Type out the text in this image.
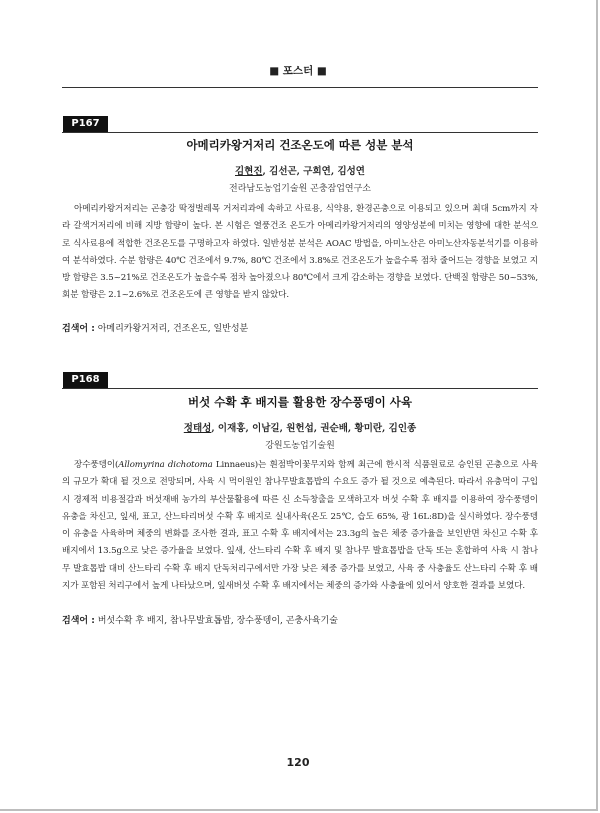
■ 포스터 ■
P167
아메리카왕거저리 건조온도에 따른 성분 분석
김현진, 김선곤, 구희연, 김성연
전라남도농업기술원 곤충잠업연구소

아메리카왕거저리는 곤충강 딱정벌레목 거저리과에 속하고 사료용, 식약용, 환경곤충으로 이용되고 있으며 최대 5cm까지 자라 갈색거저리에 비해 지방 함량이 높다. 본 시험은 열풍건조 온도가 아메리카왕거저리의 영양성분에 미치는 영향에 대한 분석으로 식사료용에 적합한 건조온도를 구명하고자 하였다. 일반성분 분석은 AOAC 방법을, 아미노산은 아미노산자동분석기를 이용하여 분석하였다. 수분 함량은 40℃ 건조에서 9.7%, 80℃ 건조에서 3.8%로 건조온도가 높을수록 점차 줄어드는 경향을 보였고 지방 함량은 3.5~21%로 건조온도가 높을수록 점차 높아졌으나 80℃에서 크게 감소하는 경향을 보였다. 단백질 함량은 50~53%, 회분 함량은 2.1~2.6%로 건조온도에 큰 영향을 받지 않았다.

검색어 : 아메리카왕거저리, 건조온도, 일반성분
P168
버섯 수확 후 배지를 활용한 장수풍뎅이 사육
정태성, 이재홍, 이남길, 원헌섭, 권순배, 황미란, 김인종
강원도농업기술원

장수풍뎅이(Allomyrina dichotoma Linnaeus)는 흰점박이꽃무지와 함께 최근에 한시적 식품원료로 승인된 곤충으로 사육의 규모가 확대 될 것으로 전망되며, 사육 시 먹이원인 참나무발효톱밥의 수요도 증가 될 것으로 예측된다. 따라서 유충먹이 구입 시 경제적 비용절감과 버섯재배 농가의 부산물활용에 따른 신 소득창출을 모색하고자 버섯 수확 후 배지를 이용하여 장수풍뎅이 유충을 차신고, 잎새, 표고, 산느타리버섯 수확 후 배지로 실내사육(온도 25℃, 습도 65%, 광 16L:8D)을 실시하였다. 장수풍뎅이 유충을 사육하며 체중의 변화를 조사한 결과, 표고 수확 후 배지에서는 23.3g의 높은 체중 증가율을 보인반면 차신고 수확 후 배지에서 13.5g으로 낮은 증가율을 보였다. 잎새, 산느타리 수확 후 배지 및 참나무 발효톱밥을 단독 또는 혼합하여 사육 시 참나무 발효톱밥 대비 산느타리 수확 후 배지 단독처리구에서만 가장 낮은 체중 증가를 보였고, 사육 중 사충율도 산느타리 수확 후 배지가 포함된 처리구에서 높게 나타났으며, 잎새버섯 수확 후 배지에서는 체중의 증가와 사충율에 있어서 양호한 결과를 보였다.

검색어 : 버섯수확 후 배지, 참나무발효톱밥, 장수풍뎅이, 곤충사육기술
120
